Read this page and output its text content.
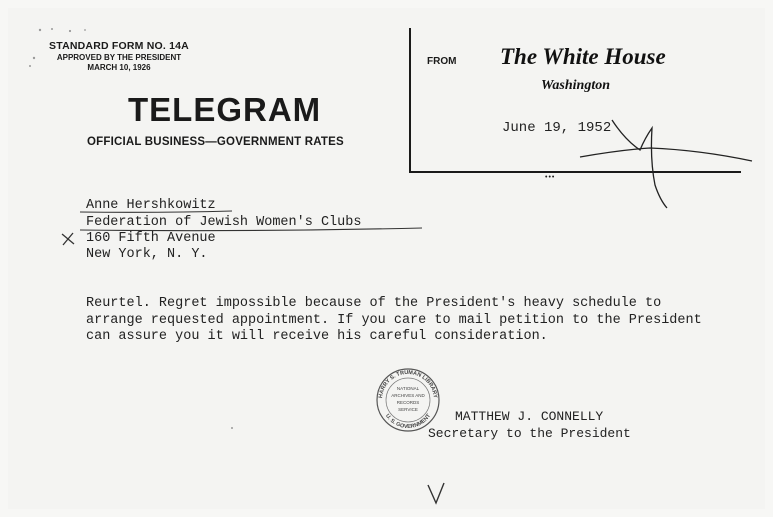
STANDARD FORM NO. 14A
APPROVED BY THE PRESIDENT
MARCH 10, 1926
TELEGRAM
OFFICIAL BUSINESS—GOVERNMENT RATES
FROM The White House
Washington
June 19, 1952
•••
Anne Hershkowitz
Federation of Jewish Women's Clubs
160 Fifth Avenue
New York, N. Y.
Reurtel. Regret impossible because of the President's heavy schedule to
arrange requested appointment. If you care to mail petition to the President
can assure you it will receive his careful consideration.
MATTHEW J. CONNELLY
Secretary to the President
HARRY S. TRUMAN LIBRARY
U. S. GOVERNMENT
NATIONAL
ARCHIVES AND
RECORDS
SERVICE
